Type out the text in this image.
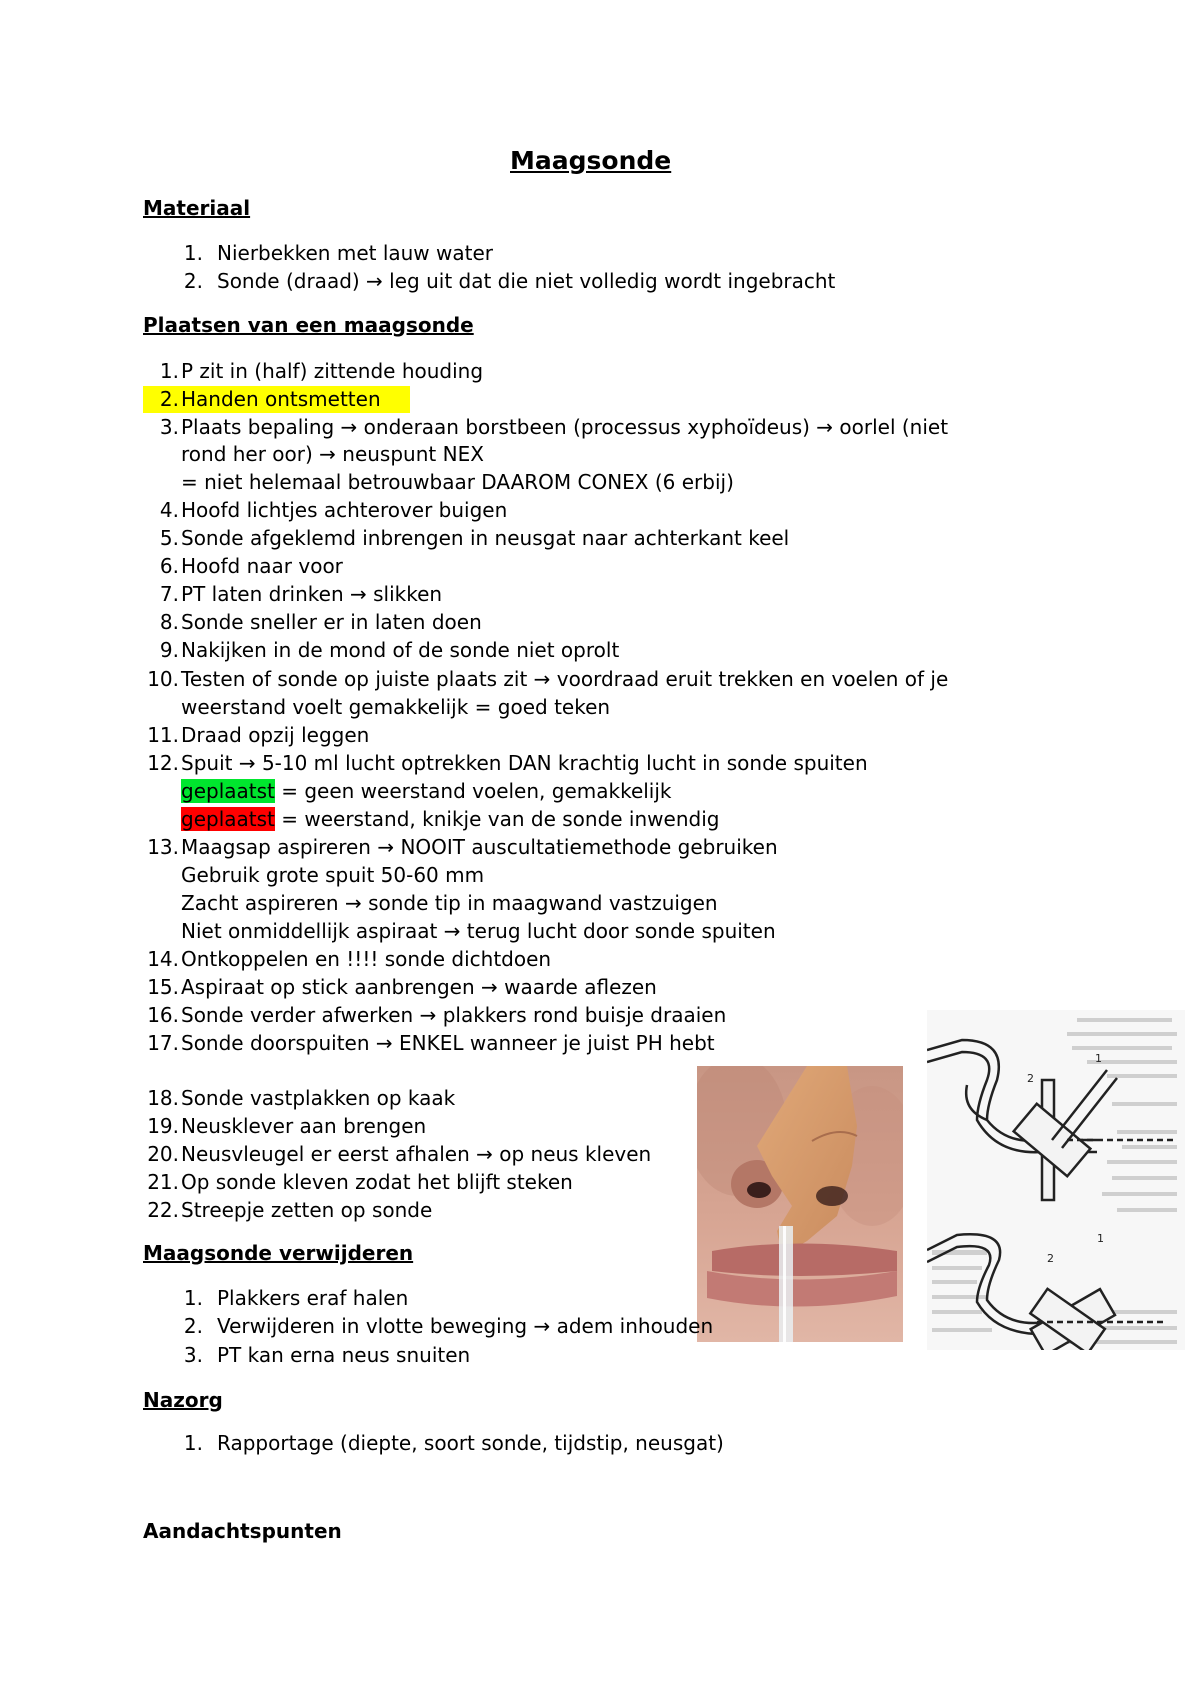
Maagsonde
Materiaal
1. Nierbekken met lauw water
2. Sonde (draad) → leg uit dat die niet volledig wordt ingebracht
Plaatsen van een maagsonde
1. P zit in (half) zittende houding
2. Handen ontsmetten
3. Plaats bepaling → onderaan borstbeen (processus xyphoïdeus) → oorlel (niet
rond her oor) → neuspunt NEX
= niet helemaal betrouwbaar DAAROM CONEX (6 erbij)
4. Hoofd lichtjes achterover buigen
5. Sonde afgeklemd inbrengen in neusgat naar achterkant keel
6. Hoofd naar voor
7. PT laten drinken → slikken
8. Sonde sneller er in laten doen
9. Nakijken in de mond of de sonde niet oprolt
10. Testen of sonde op juiste plaats zit → voordraad eruit trekken en voelen of je
weerstand voelt gemakkelijk = goed teken
11. Draad opzij leggen
12. Spuit → 5-10 ml lucht optrekken DAN krachtig lucht in sonde spuiten
geplaatst = geen weerstand voelen, gemakkelijk
geplaatst = weerstand, knikje van de sonde inwendig
13. Maagsap aspireren → NOOIT auscultatiemethode gebruiken
Gebruik grote spuit 50-60 mm
Zacht aspireren → sonde tip in maagwand vastzuigen
Niet onmiddellijk aspiraat → terug lucht door sonde spuiten
14. Ontkoppelen en !!!! sonde dichtdoen
15. Aspiraat op stick aanbrengen → waarde aflezen
16. Sonde verder afwerken → plakkers rond buisje draaien
17. Sonde doorspuiten → ENKEL wanneer je juist PH hebt
18. Sonde vastplakken op kaak
19. Neusklever aan brengen
20. Neusvleugel er eerst afhalen → op neus kleven
21. Op sonde kleven zodat het blijft steken
22. Streepje zetten op sonde
Maagsonde verwijderen
1. Plakkers eraf halen
2. Verwijderen in vlotte beweging → adem inhouden
3. PT kan erna neus snuiten
1
2
1
2
Nazorg
1. Rapportage (diepte, soort sonde, tijdstip, neusgat)
Aandachtspunten
